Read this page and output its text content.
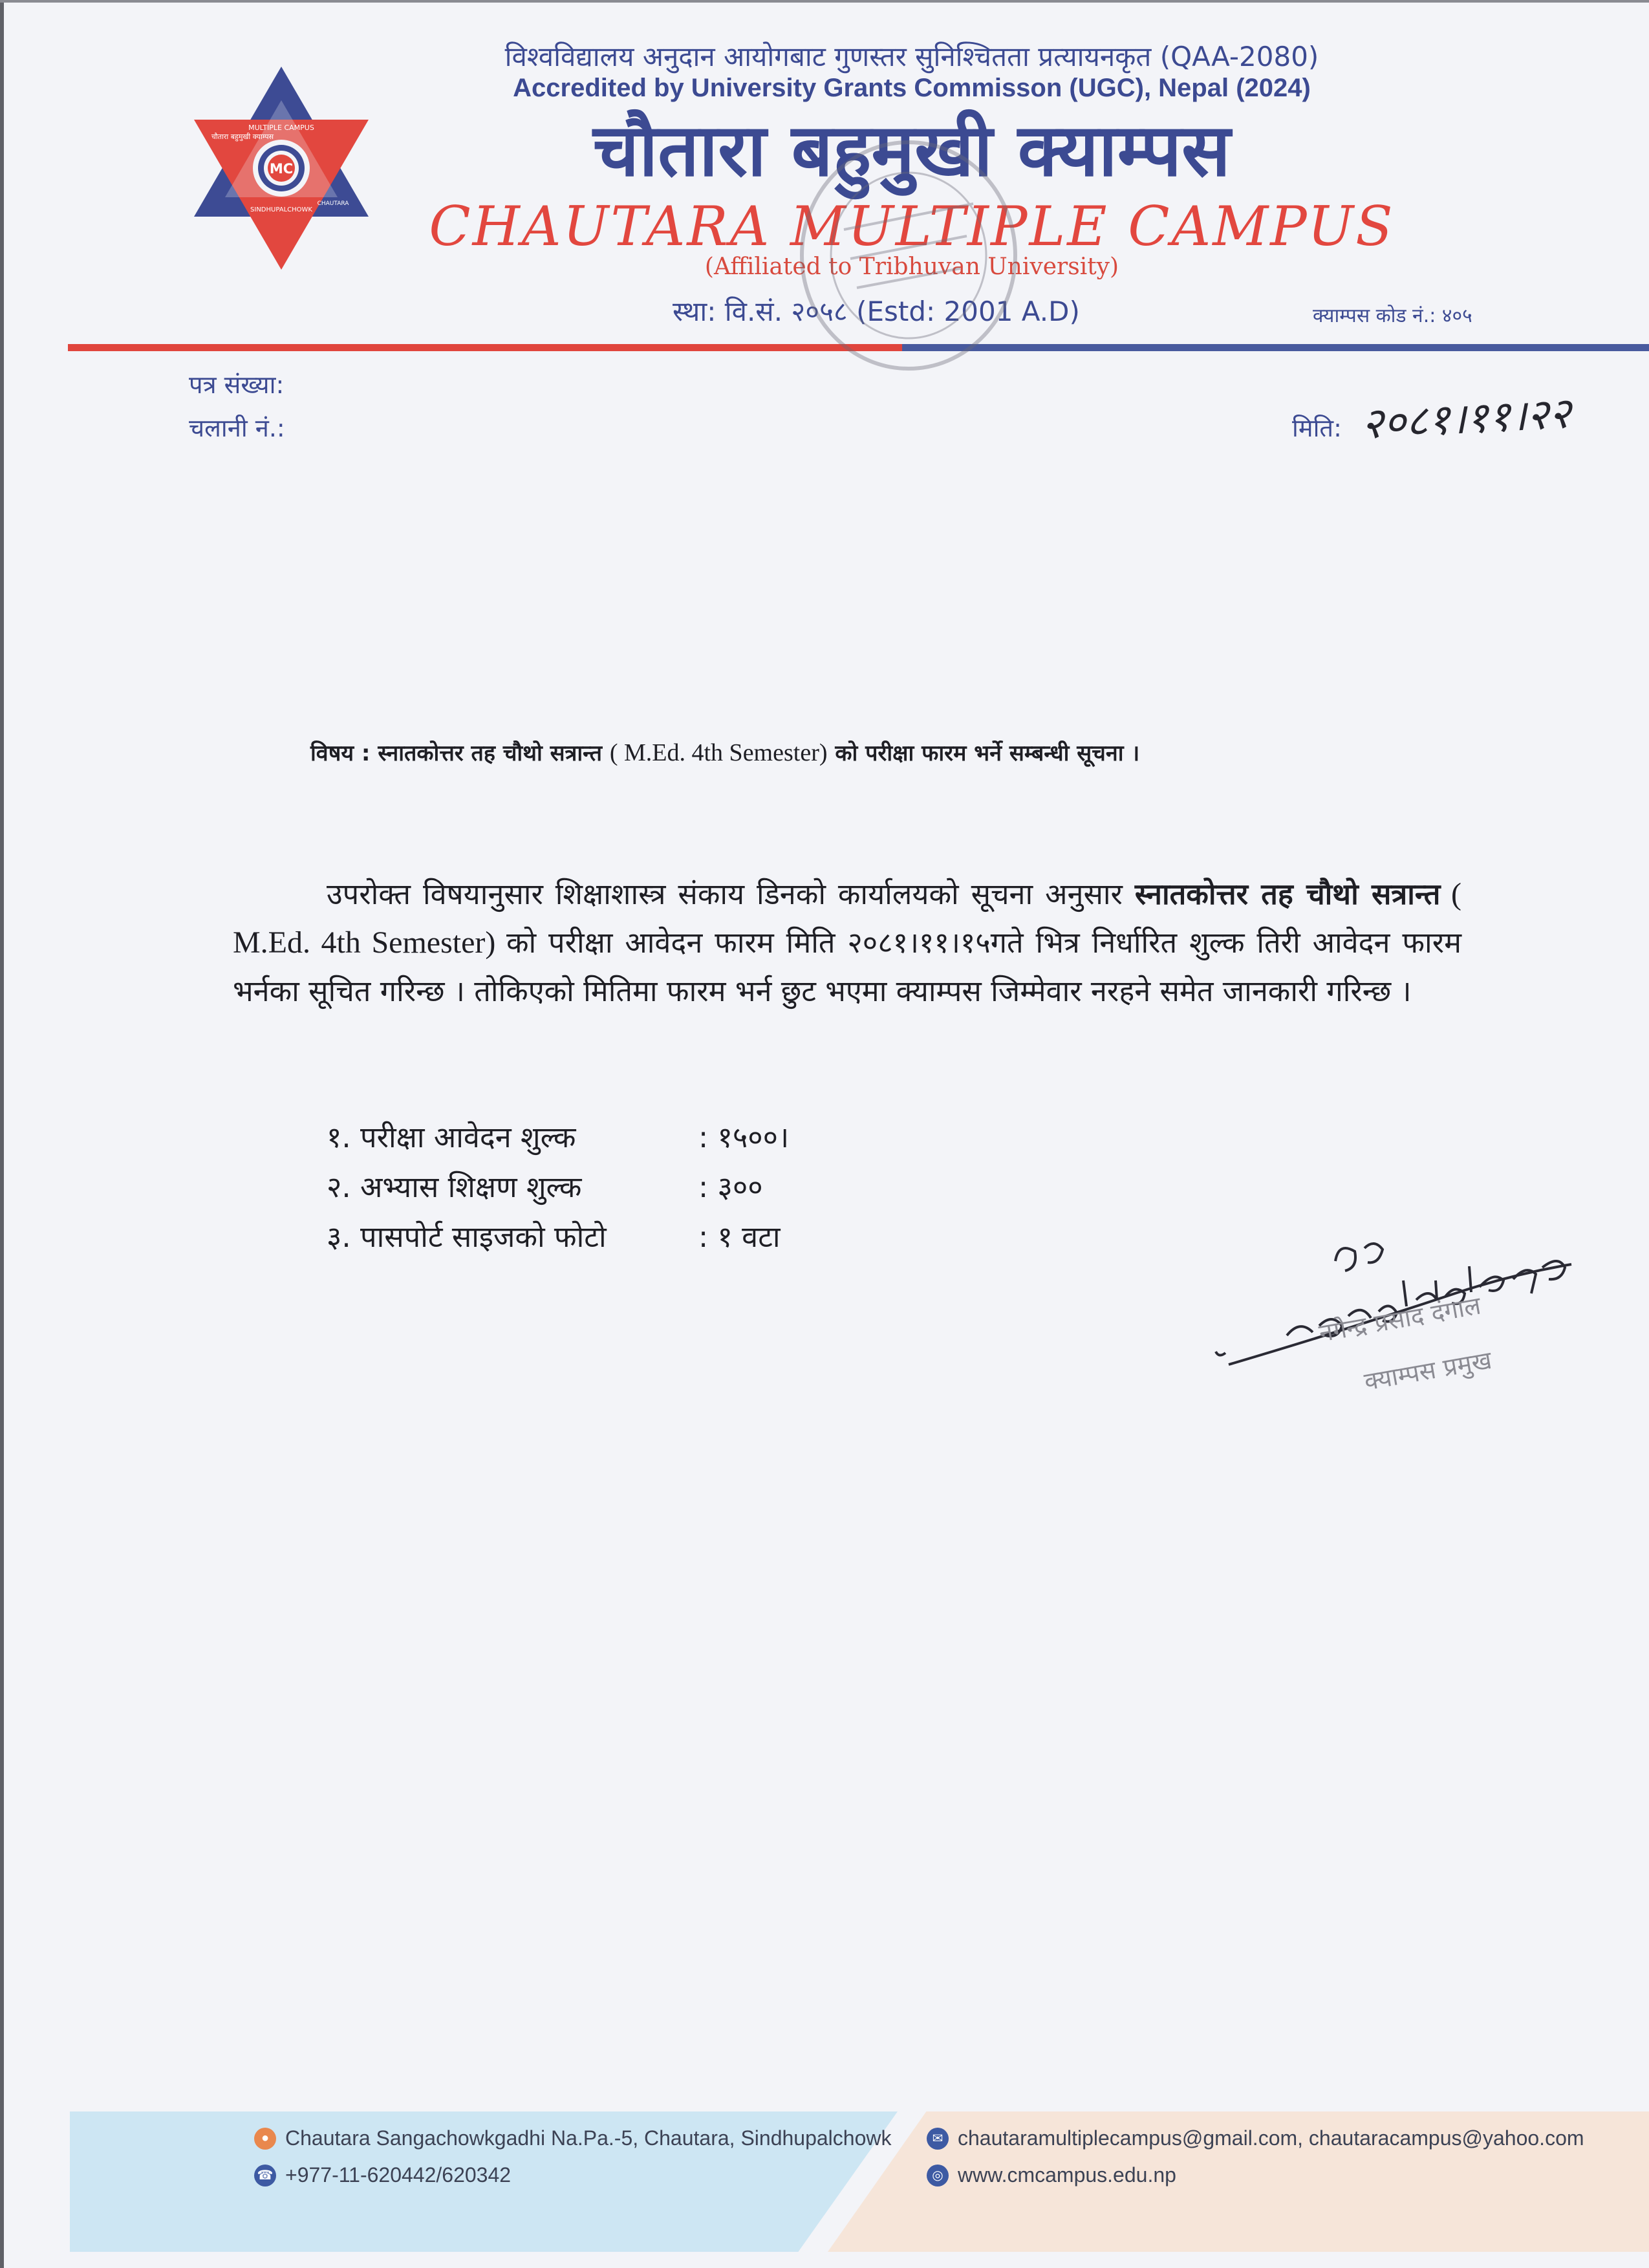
MC
MULTIPLE CAMPUS
चौतारा बहुमुखी क्याम्पस
SINDHUPALCHOWK
CHAUTARA
विश्वविद्यालय अनुदान आयोगबाट गुणस्तर सुनिश्चितता प्रत्यायनकृत (QAA-2080)
Accredited by University Grants Commisson (UGC), Nepal (2024)
चौतारा बहुमुखी क्याम्पस
CHAUTARA MULTIPLE CAMPUS
(Affiliated to Tribhuvan University)
स्था: वि.सं. २०५८ (Estd: 2001 A.D)	क्याम्पस कोड नं.: ४०५
पत्र संख्या:
चलानी नं.:	मिति: २०८१।११।२२
विषय : स्नातकोत्तर तह चौथो सत्रान्त ( M.Ed. 4th Semester) को परीक्षा फारम भर्ने सम्बन्धी सूचना ।

उपरोक्त विषयानुसार शिक्षाशास्त्र संकाय डिनको कार्यालयको सूचना अनुसार स्नातकोत्तर तह चौथो सत्रान्त ( M.Ed. 4th Semester) को परीक्षा आवेदन फारम मिति २०८१।११।१५गते भित्र निर्धारित शुल्क तिरी आवेदन फारम भर्नका सूचित गरिन्छ । तोकिएको मितिमा फारम भर्न छुट भएमा क्याम्पस जिम्मेवार नरहने समेत जानकारी गरिन्छ ।

१. परीक्षा आवेदन शुल्क	: १५००।
२. अभ्यास शिक्षण शुल्क	: ३००
३. पासपोर्ट साइजको फोटो	: १ वटा
नगेन्द्र प्रसाद दंगाल
क्याम्पस प्रमुख
● Chautara Sangachowkgadhi Na.Pa.-5, Chautara, Sindhupalchowk
☎ +977-11-620442/620342
✉ chautaramultiplecampus@gmail.com, chautaracampus@yahoo.com
◎ www.cmcampus.edu.np
